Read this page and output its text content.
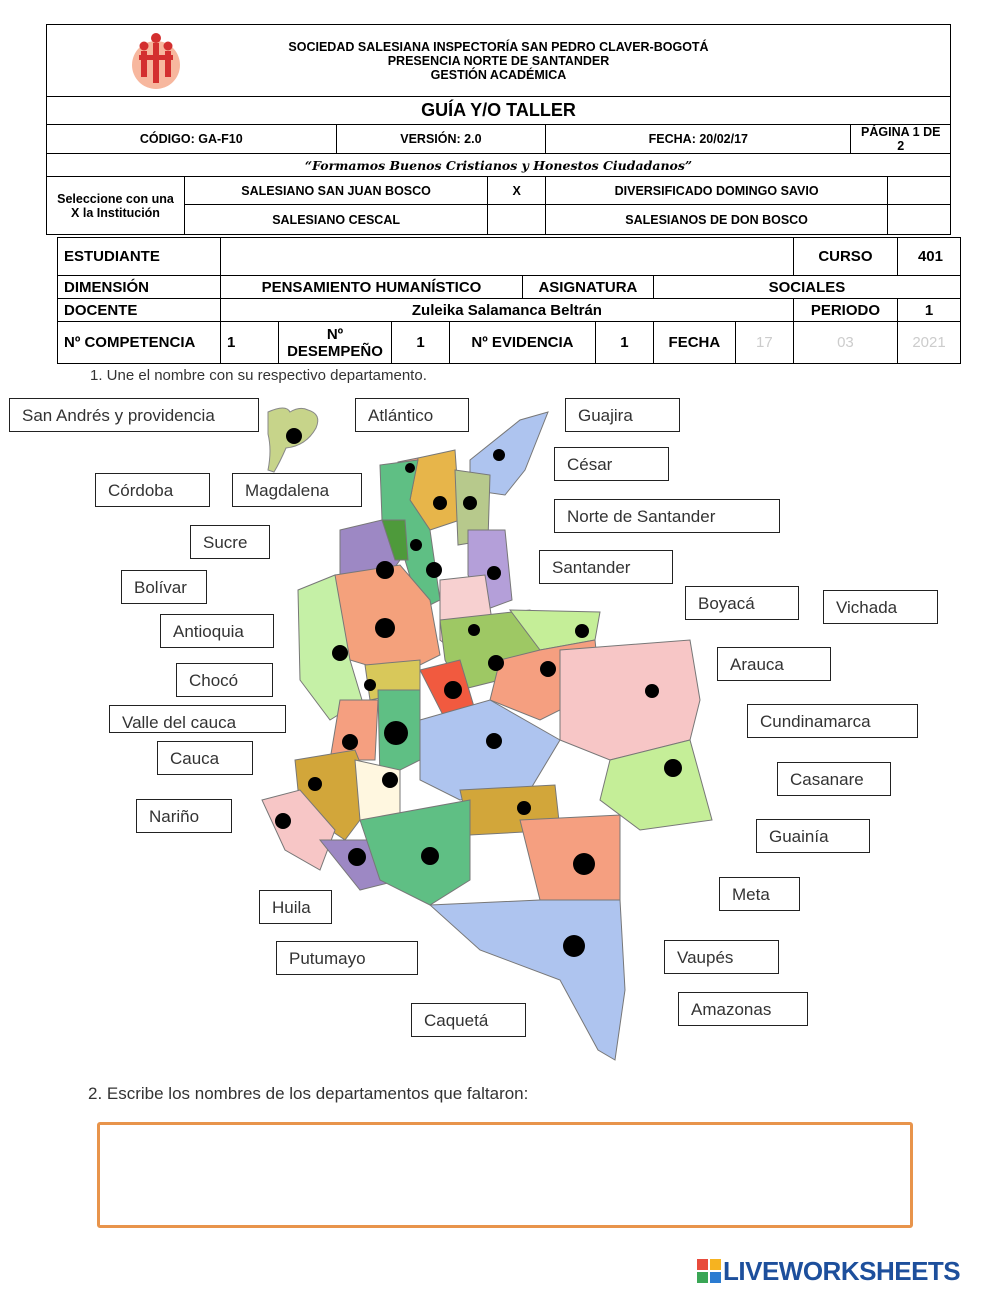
SOCIEDAD SALESIANA INSPECTORÍA SAN PEDRO CLAVER-BOGOTÁ
PRESENCIA NORTE DE SANTANDER
GESTIÓN ACADÉMICA						

GUÍA Y/O TALLER						
CÓDIGO: GA-F10		VERSIÓN: 2.0		FECHA: 20/02/17	PÁGINA 1 DE 2	
“Formamos Buenos Cristianos y Honestos Ciudadanos”						
Seleccione con una X la Institución	SALESIANO SAN JUAN BOSCO		X	DIVERSIFICADO DOMINGO SAVIO		
	SALESIANO CESCAL			SALESIANOS DE DON BOSCO		
ESTUDIANTE									CURSO	401
DIMENSIÓN	PENSAMIENTO HUMANÍSTICO				ASIGNATURA		SOCIALES			
DOCENTE	Zuleika Salamanca Beltrán								PERIODO	1
Nº COMPETENCIA	1	Nº DESEMPEÑO	1	Nº EVIDENCIA		1	FECHA	17	03	2021
1. Une el nombre con su respectivo departamento.
San Andrés y providencia	Atlántico	Guajira
César
Córdoba	Magdalena
Norte de Santander
Sucre
Santander
Bolívar
Boyacá	Vichada
Antioquia
Arauca
Chocó
Valle del cauca	Cundinamarca
Cauca
Casanare
Nariño
Guainía
Meta
Huila
Putumayo	Vaupés
Amazonas
Caquetá
2. Escribe los nombres de los departamentos que faltaron:
LIVEWORKSHEETS
